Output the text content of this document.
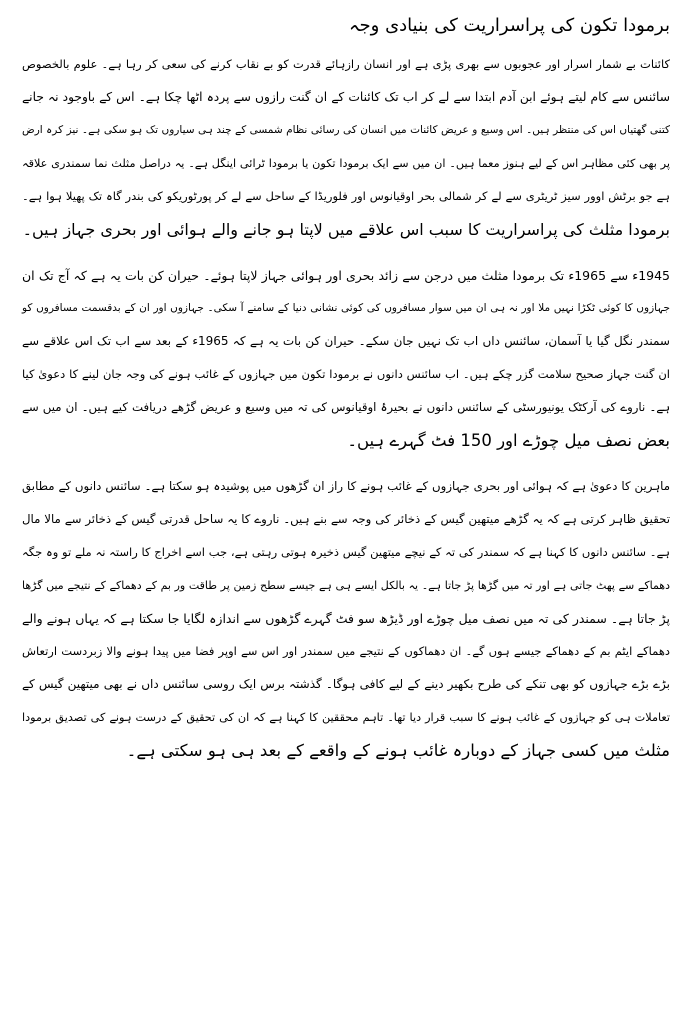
برمودا تکون کی پراسراریت کی بنیادی وجہ
کائنات بے شمار اسرار اور عجوبوں سے بھری پڑی ہے اور انسان رازہائے قدرت کو بے نقاب کرنے کی سعی کر رہا ہے۔ علوم بالخصوص
سائنس سے کام لیتے ہوئے ابن آدم ابتدا سے لے کر اب تک کائنات کے ان گنت رازوں سے پردہ اٹھا چکا ہے۔ اس کے باوجود نہ جانے
کتنی گھتیاں اس کی منتظر ہیں۔ اس وسیع و عریض کائنات میں انسان کی رسائی نظام شمسی کے چند ہی سیاروں تک ہو سکی ہے۔ نیز کرہ ارض
پر بھی کئی مظاہر اس کے لیے ہنوز معما ہیں۔ ان میں سے ایک برمودا تکون یا برمودا ٹرائی اینگل ہے۔ یہ دراصل مثلث نما سمندری علاقہ
ہے جو برٹش اوور سیز ٹریٹری سے لے کر شمالی بحر اوقیانوس اور فلوریڈا کے ساحل سے لے کر پورٹوریکو کی بندر گاہ تک پھیلا ہوا ہے۔
برمودا مثلث کی پراسراریت کا سبب اس علاقے میں لاپتا ہو جانے والے ہوائی اور بحری جہاز ہیں۔
1945ء سے 1965ء تک برمودا مثلث میں درجن سے زائد بحری اور ہوائی جہاز لاپتا ہوئے۔ حیران کن بات یہ ہے کہ آج تک ان
جہازوں کا کوئی ٹکڑا نہیں ملا اور نہ ہی ان میں سوار مسافروں کی کوئی نشانی دنیا کے سامنے آ سکی۔ جہازوں اور ان کے بدقسمت مسافروں کو
سمندر نگل گیا یا آسمان، سائنس داں اب تک نہیں جان سکے۔ حیران کن بات یہ ہے کہ 1965ء کے بعد سے اب تک اس علاقے سے
ان گنت جہاز صحیح سلامت گزر چکے ہیں۔ اب سائنس دانوں نے برمودا تکون میں جہازوں کے غائب ہونے کی وجہ جان لینے کا دعویٰ کیا
ہے۔ ناروے کی آرکٹک یونیورسٹی کے سائنس دانوں نے بحیرۂ اوقیانوس کی تہ میں وسیع و عریض گڑھے دریافت کیے ہیں۔ ان میں سے
بعض نصف میل چوڑے اور 150 فٹ گہرے ہیں۔
ماہرین کا دعویٰ ہے کہ ہوائی اور بحری جہازوں کے غائب ہونے کا راز ان گڑھوں میں پوشیدہ ہو سکتا ہے۔ سائنس دانوں کے مطابق
تحقیق ظاہر کرتی ہے کہ یہ گڑھے میتھین گیس کے ذخائر کی وجہ سے بنے ہیں۔ ناروے کا یہ ساحل قدرتی گیس کے ذخائر سے مالا مال
ہے۔ سائنس دانوں کا کہنا ہے کہ سمندر کی تہ کے نیچے میتھین گیس ذخیرہ ہوتی رہتی ہے، جب اسے اخراج کا راستہ نہ ملے تو وہ جگہ
دھماکے سے پھٹ جاتی ہے اور تہ میں گڑھا پڑ جاتا ہے۔ یہ بالکل ایسے ہی ہے جیسے سطح زمین پر طاقت ور بم کے دھماکے کے نتیجے میں گڑھا
پڑ جاتا ہے۔ سمندر کی تہ میں نصف میل چوڑے اور ڈیڑھ سو فٹ گہرے گڑھوں سے اندازہ لگایا جا سکتا ہے کہ یہاں ہونے والے
دھماکے ایٹم بم کے دھماکے جیسے ہوں گے۔ ان دھماکوں کے نتیجے میں سمندر اور اس سے اوپر فضا میں پیدا ہونے والا زبردست ارتعاش
بڑے بڑے جہازوں کو بھی تنکے کی طرح بکھیر دینے کے لیے کافی ہوگا۔ گذشتہ برس ایک روسی سائنس داں نے بھی میتھین گیس کے
تعاملات ہی کو جہازوں کے غائب ہونے کا سبب قرار دیا تھا۔ تاہم محققین کا کہنا ہے کہ ان کی تحقیق کے درست ہونے کی تصدیق برمودا
مثلث میں کسی جہاز کے دوبارہ غائب ہونے کے واقعے کے بعد ہی ہو سکتی ہے۔
